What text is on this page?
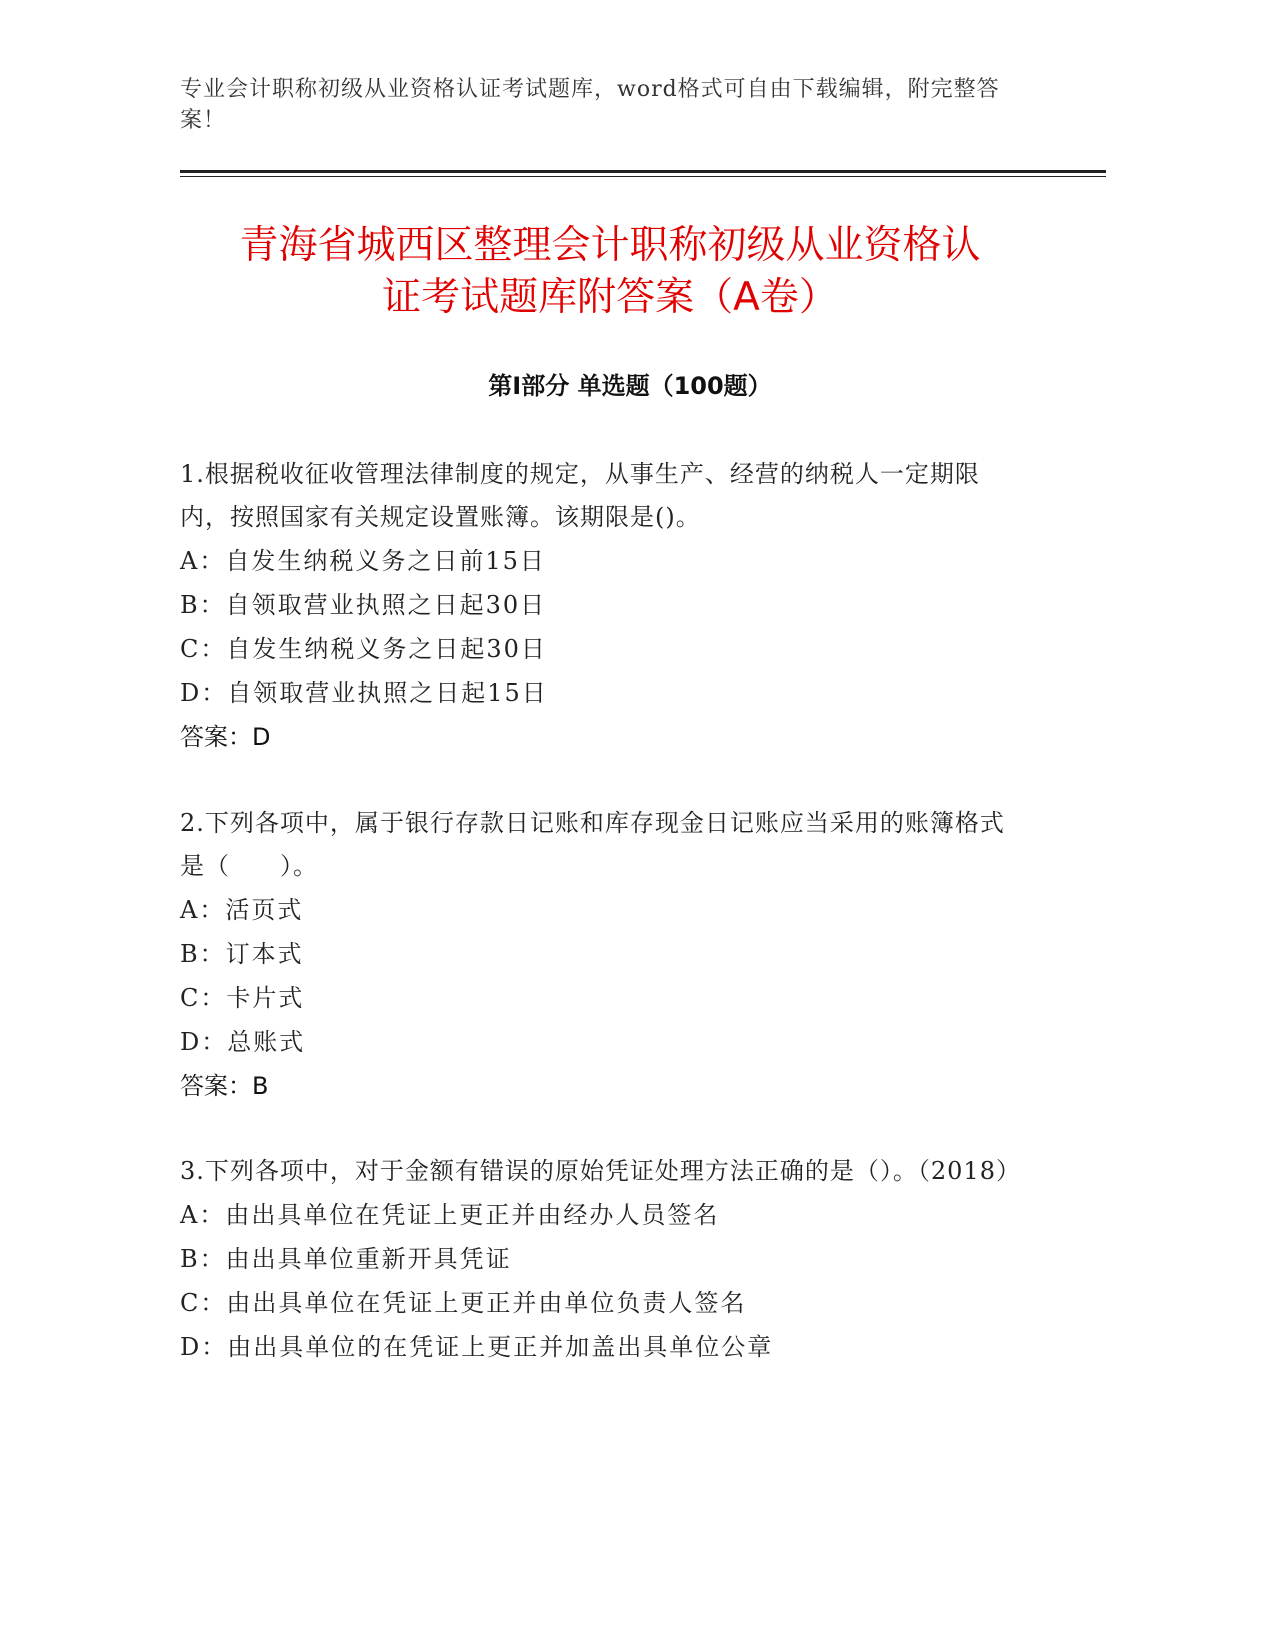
专业会计职称初级从业资格认证考试题库，word格式可自由下载编辑，附完整答案！
青海省城西区整理会计职称初级从业资格认
证考试题库附答案（A卷）
第Ⅰ部分 单选题（100题）

1.根据税收征收管理法律制度的规定，从事生产、经营的纳税人一定期限内，按照国家有关规定设置账簿。该期限是()。

A：自发生纳税义务之日前15日

B：自领取营业执照之日起30日

C：自发生纳税义务之日起30日

D：自领取营业执照之日起15日

答案：D

2.下列各项中，属于银行存款日记账和库存现金日记账应当采用的账簿格式是（　　）。

A：活页式

B：订本式

C：卡片式

D：总账式

答案：B

3.下列各项中，对于金额有错误的原始凭证处理方法正确的是（）。（2018）

A：由出具单位在凭证上更正并由经办人员签名

B：由出具单位重新开具凭证

C：由出具单位在凭证上更正并由单位负责人签名

D：由出具单位的在凭证上更正并加盖出具单位公章
